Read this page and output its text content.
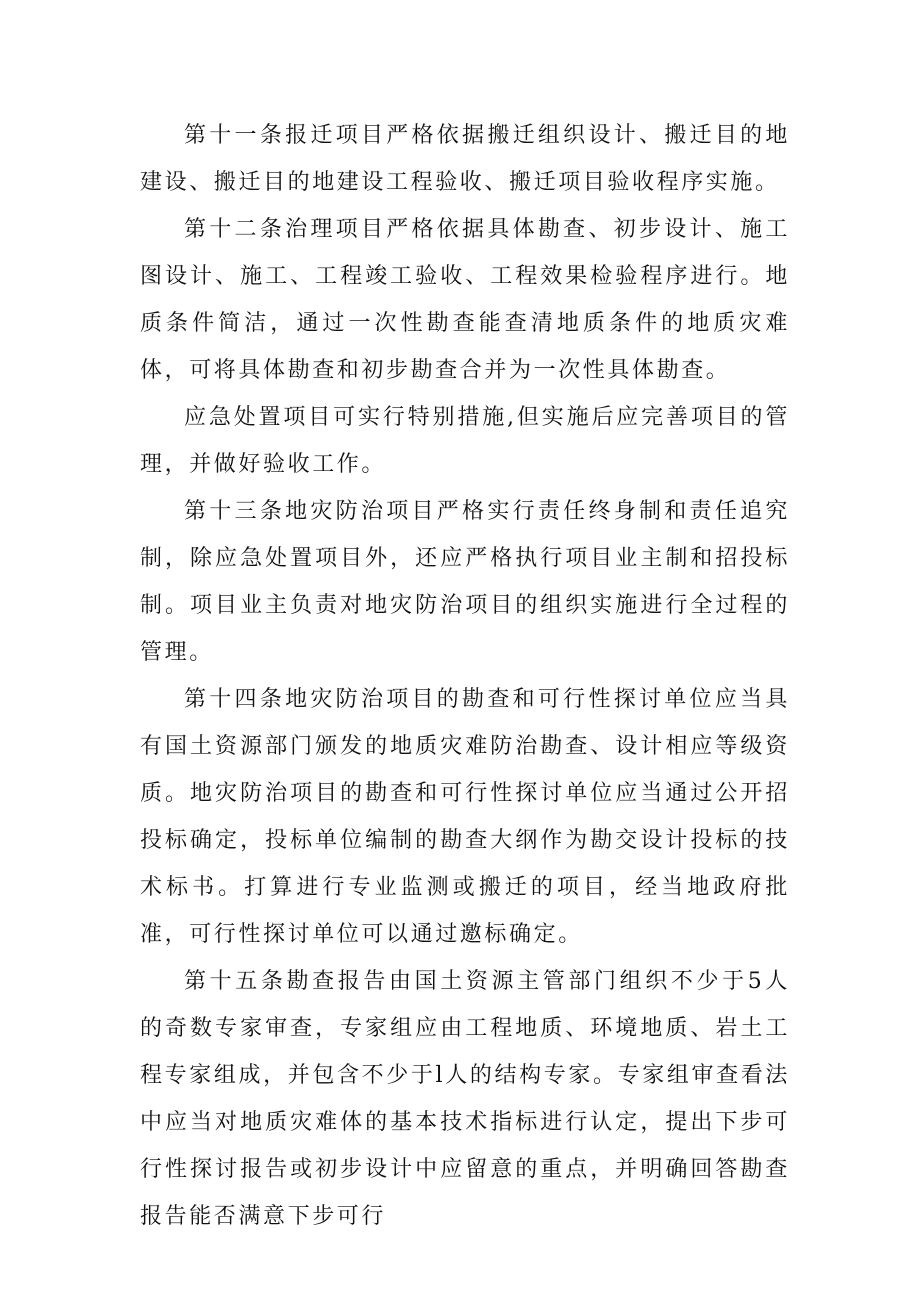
第十一条报迁项目严格依据搬迁组织设计、搬迁目的地建设、搬迁目的地建设工程验收、搬迁项目验收程序实施。

第十二条治理项目严格依据具体勘查、初步设计、施工图设计、施工、工程竣工验收、工程效果检验程序进行。地质条件简洁，通过一次性勘查能查清地质条件的地质灾难体，可将具体勘查和初步勘查合并为一次性具体勘查。

应急处置项目可实行特别措施,但实施后应完善项目的管理，并做好验收工作。

第十三条地灾防治项目严格实行责任终身制和责任追究制，除应急处置项目外，还应严格执行项目业主制和招投标制。项目业主负责对地灾防治项目的组织实施进行全过程的管理。

第十四条地灾防治项目的勘查和可行性探讨单位应当具有国土资源部门颁发的地质灾难防治勘查、设计相应等级资质。地灾防治项目的勘查和可行性探讨单位应当通过公开招投标确定，投标单位编制的勘查大纲作为勘交设计投标的技术标书。打算进行专业监测或搬迁的项目，经当地政府批准，可行性探讨单位可以通过邀标确定。

第十五条勘查报告由国土资源主管部门组织不少于5人的奇数专家审查，专家组应由工程地质、环境地质、岩土工程专家组成，并包含不少于l人的结构专家。专家组审查看法中应当对地质灾难体的基本技术指标进行认定，提出下步可行性探讨报告或初步设计中应留意的重点，并明确回答勘查报告能否满意下步可行
